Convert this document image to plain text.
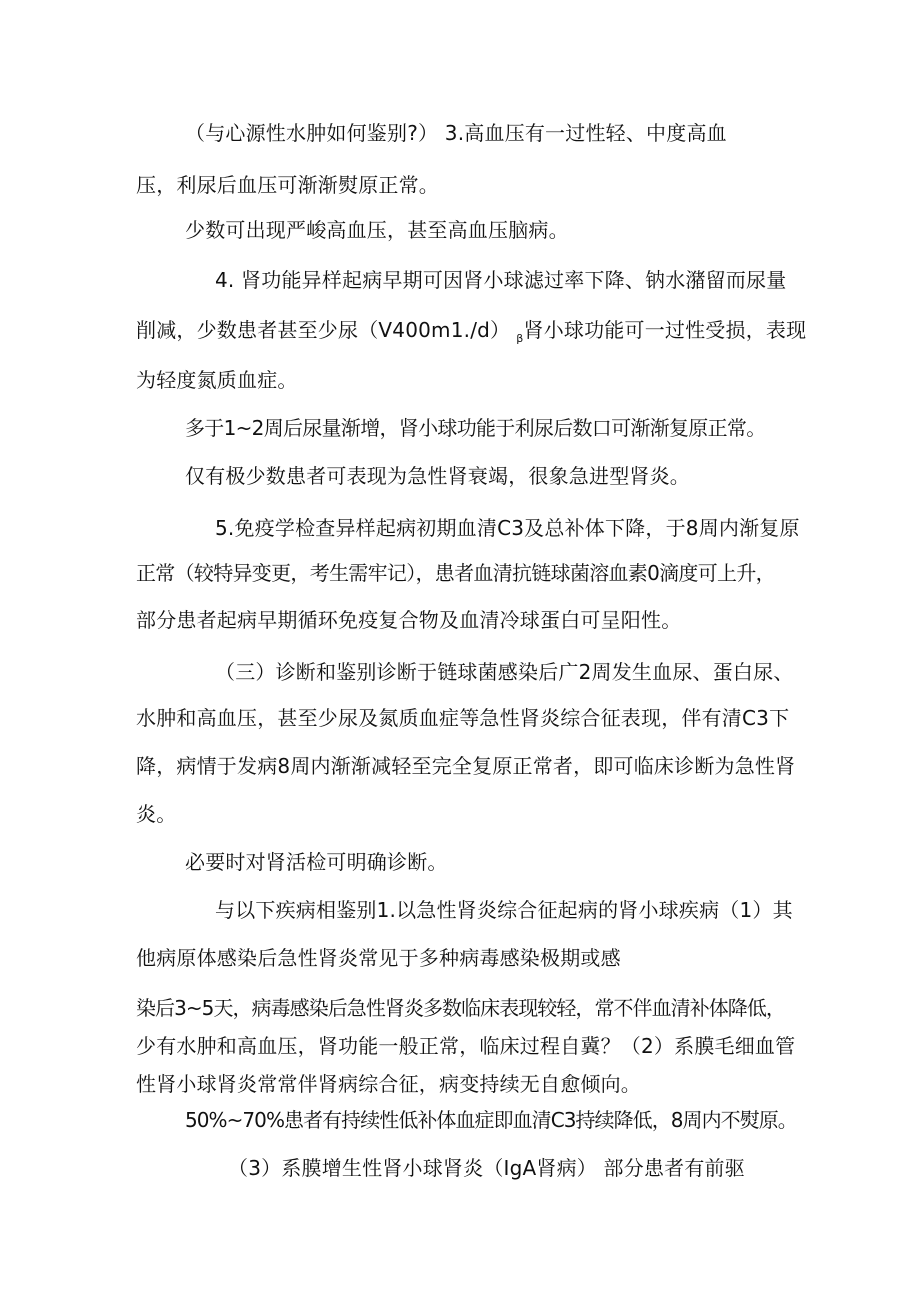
（与心源性水肿如何鉴别?） 3.高血压有一过性轻、中度高血
压，利尿后血压可渐渐熨原正常。
少数可出现严峻高血压，甚至高血压脑病。
4. 肾功能异样起病早期可因肾小球滤过率下降、钠水潴留而尿量
削减，少数患者甚至少尿（V400m1./d） $_\beta$肾小球功能可一过性受损，表现
为轻度氮质血症。
多于1~2周后尿量渐增，肾小球功能于利尿后数口可渐渐复原正常。
仅有极少数患者可表现为急性肾衰竭，很象急进型肾炎。
5.免疫学检查异样起病初期血清C3及总补体下降，于8周内渐复原
正常（较特异变更，考生需牢记），患者血清抗链球菌溶血素0滴度可上升，
部分患者起病早期循环免疫复合物及血清冷球蛋白可呈阳性。
（三）诊断和鉴别诊断于链球菌感染后广2周发生血尿、蛋白尿、
水肿和高血压，甚至少尿及氮质血症等急性肾炎综合征表现，伴有清C3下
降，病情于发病8周内渐渐减轻至完全复原正常者，即可临床诊断为急性肾
炎。
必要时对肾活检可明确诊断。
与以下疾病相鉴别1.以急性肾炎综合征起病的肾小球疾病（1）其
他病原体感染后急性肾炎常见于多种病毒感染极期或感
染后3~5天，病毒感染后急性肾炎多数临床表现较轻，常不伴血清补体降低，
少有水肿和高血压，肾功能一般正常，临床过程自冀？（2）系膜毛细血管
性肾小球肾炎常常伴肾病综合征，病变持续无自愈倾向。
50%~70%患者有持续性低补体血症即血清C3持续降低，8周内不熨原。
（3）系膜增生性肾小球肾炎（IgA肾病） 部分患者有前驱
